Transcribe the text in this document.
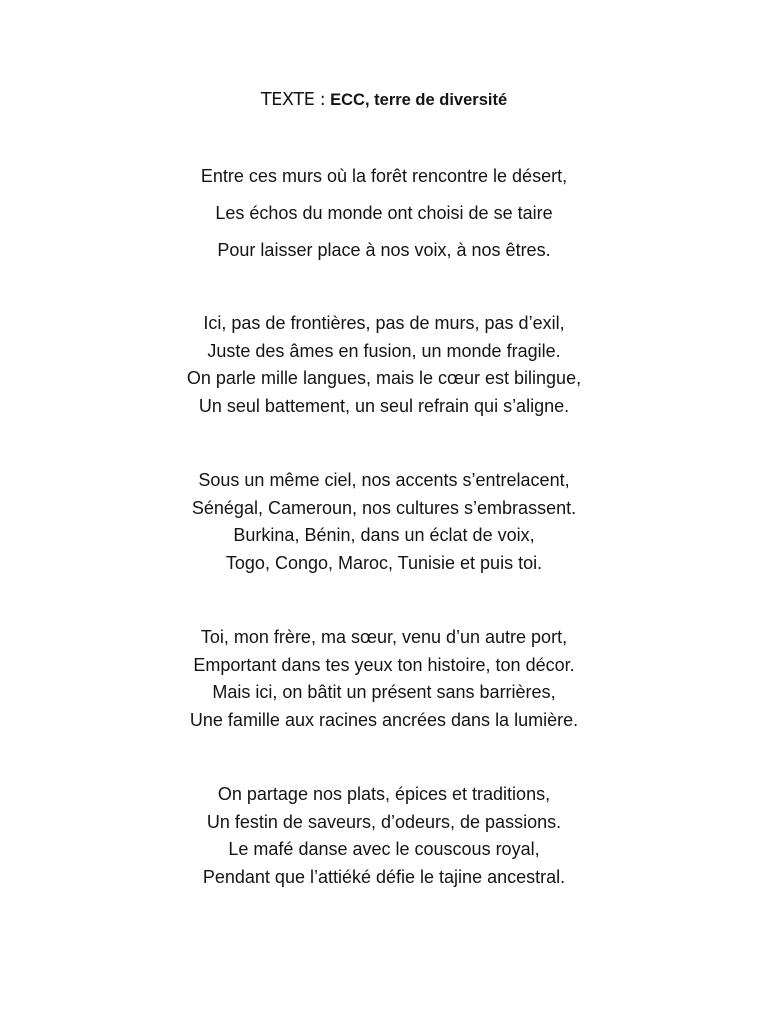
TEXTE : ECC, terre de diversité
Entre ces murs où la forêt rencontre le désert,
Les échos du monde ont choisi de se taire
Pour laisser place à nos voix, à nos êtres.
Ici, pas de frontières, pas de murs, pas d’exil,
Juste des âmes en fusion, un monde fragile.
On parle mille langues, mais le cœur est bilingue,
Un seul battement, un seul refrain qui s’aligne.
Sous un même ciel, nos accents s’entrelacent,
Sénégal, Cameroun, nos cultures s’embrassent.
Burkina, Bénin, dans un éclat de voix,
Togo, Congo, Maroc, Tunisie et puis toi.
Toi, mon frère, ma sœur, venu d’un autre port,
Emportant dans tes yeux ton histoire, ton décor.
Mais ici, on bâtit un présent sans barrières,
Une famille aux racines ancrées dans la lumière.
On partage nos plats, épices et traditions,
Un festin de saveurs, d’odeurs, de passions.
Le mafé danse avec le couscous royal,
Pendant que l’attiéké défie le tajine ancestral.
